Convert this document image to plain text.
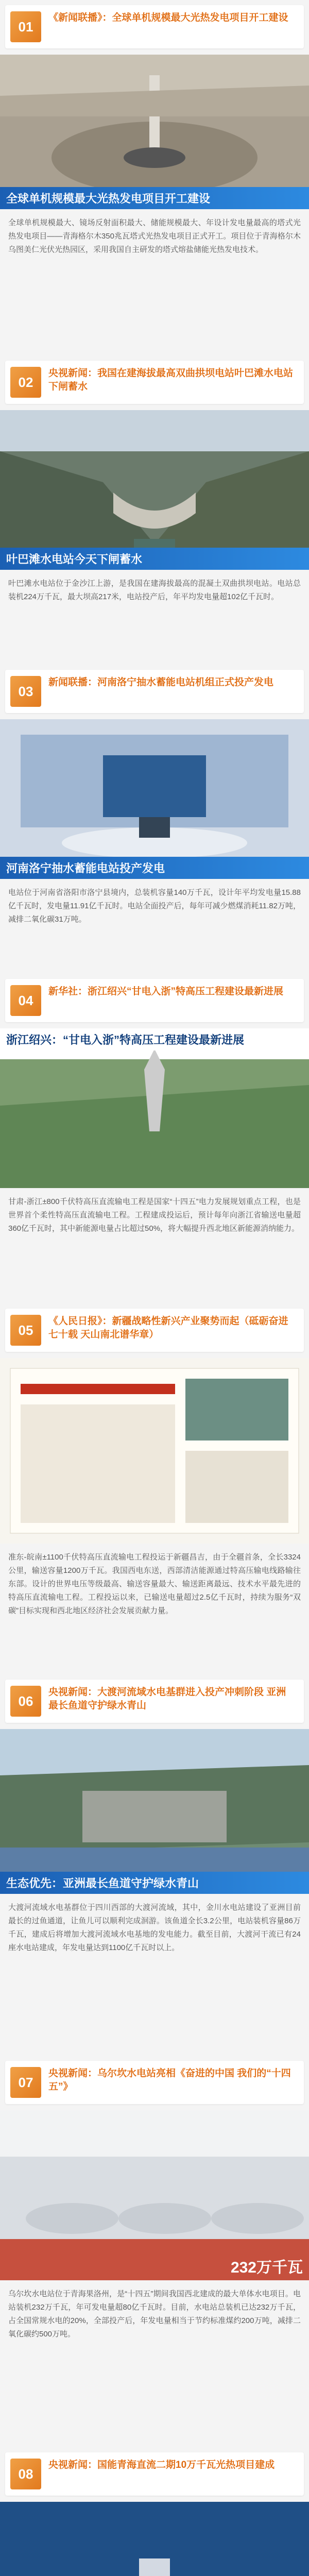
01
《新闻联播》：全球单机规模最大光热发电项目开工建设
全球单机规模最大光热发电项目开工建设
全球单机规模最大、镜场反射面积最大、储能规模最大、年设计发电量最高的塔式光热发电项目——青海格尔木350兆瓦塔式光热发电项目正式开工。项目位于青海格尔木乌图美仁光伏光热园区，采用我国自主研发的塔式熔盐储能光热发电技术。
02
央视新闻：我国在建海拔最高双曲拱坝电站叶巴滩水电站下闸蓄水
叶巴滩水电站今天下闸蓄水
叶巴滩水电站位于金沙江上游，是我国在建海拔最高的混凝土双曲拱坝电站。电站总装机224万千瓦，最大坝高217米，电站投产后，年平均发电量超102亿千瓦时。
03
新闻联播：河南洛宁抽水蓄能电站机组正式投产发电
河南洛宁抽水蓄能电站投产发电
电站位于河南省洛阳市洛宁县境内，总装机容量140万千瓦，设计年平均发电量15.88亿千瓦时，发电量11.91亿千瓦时。电站全面投产后，每年可减少燃煤消耗11.82万吨，减排二氧化碳31万吨。
04
新华社：浙江绍兴“甘电入浙”特高压工程建设最新进展
浙江绍兴：“甘电入浙”特高压工程建设最新进展
甘肃-浙江±800千伏特高压直流输电工程是国家“十四五”电力发展规划重点工程，也是世界首个柔性特高压直流输电工程。工程建成投运后，预计每年向浙江省输送电量超360亿千瓦时，其中新能源电量占比超过50%，将大幅提升西北地区新能源消纳能力。
05
《人民日报》：新疆战略性新兴产业聚势而起（砥砺奋进七十载 天山南北谱华章）
准东-皖南±1100千伏特高压直流输电工程投运于新疆昌吉，由于全疆首条，全长3324公里，输送容量1200万千瓦。我国西电东送，西部清洁能源通过特高压输电线路输往东部。设计的世界电压等级最高、输送容量最大、输送距离最远、技术水平最先进的特高压直流输电工程。工程投运以来，已输送电量超过2.5亿千瓦时，持续为服务“双碳”目标实现和西北地区经济社会发展贡献力量。
06
央视新闻：大渡河流域水电基群进入投产冲刺阶段 亚洲最长鱼道守护绿水青山
生态优先：亚洲最长鱼道守护绿水青山
大渡河流域水电基群位于四川西部的大渡河流域，其中，金川水电站建设了亚洲目前最长的过鱼通道，让鱼儿可以顺利完成洄游。该鱼道全长3.2公里，电站装机容量86万千瓦，建成后将增加大渡河流域水电基地的发电能力。截至目前，大渡河干流已有24座水电站建成，年发电量达到1100亿千瓦时以上。
07
央视新闻：乌尔坎水电站亮相《奋进的中国 我们的“十四五”》
232万千瓦
乌尔坎水电站位于青海果洛州，是“十四五”期间我国西北建成的最大单体水电项目。电站装机232万千瓦，年可发电量超80亿千瓦时。目前，水电站总装机已达232万千瓦，占全国常规水电的20%，全部投产后，年发电量相当于节约标准煤约200万吨，减排二氧化碳约500万吨。
08
央视新闻：国能青海直流二期10万千瓦光热项目建成
